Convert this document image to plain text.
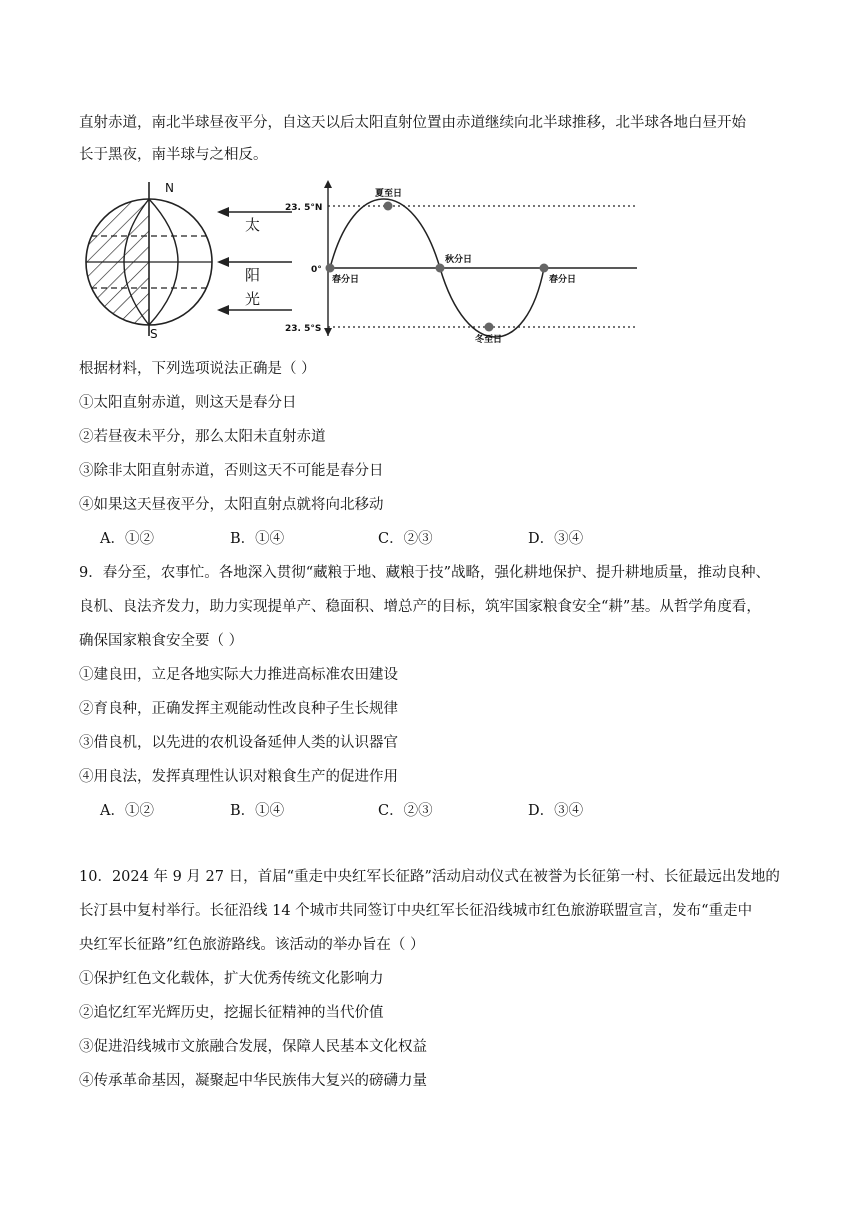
直射赤道，南北半球昼夜平分，自这天以后太阳直射位置由赤道继续向北半球推移，北半球各地白昼开始
长于黑夜，南半球与之相反。
N
S
太
阳
光
23. 5°N
0°
23. 5°S
春分日
夏至日
秋分日
冬至日
春分日
根据材料，下列选项说法正确是（ ）
①太阳直射赤道，则这天是春分日
②若昼夜未平分，那么太阳未直射赤道
③除非太阳直射赤道，否则这天不可能是春分日
④如果这天昼夜平分，太阳直射点就将向北移动
A．①②	B．①④	C．②③	D．③④
9．春分至，农事忙。各地深入贯彻“藏粮于地、藏粮于技”战略，强化耕地保护、提升耕地质量，推动良种、
良机、良法齐发力，助力实现提单产、稳面积、增总产的目标，筑牢国家粮食安全“耕”基。从哲学角度看，
确保国家粮食安全要（ ）
①建良田，立足各地实际大力推进高标准农田建设
②育良种，正确发挥主观能动性改良种子生长规律
③借良机，以先进的农机设备延伸人类的认识器官
④用良法，发挥真理性认识对粮食生产的促进作用
A．①②	B．①④	C．②③	D．③④
10．2024 年 9 月 27 日，首届“重走中央红军长征路”活动启动仪式在被誉为长征第一村、长征最远出发地的
长汀县中复村举行。长征沿线 14 个城市共同签订中央红军长征沿线城市红色旅游联盟宣言，发布“重走中
央红军长征路”红色旅游路线。该活动的举办旨在（ ）
①保护红色文化载体，扩大优秀传统文化影响力
②追忆红军光辉历史，挖掘长征精神的当代价值
③促进沿线城市文旅融合发展，保障人民基本文化权益
④传承革命基因，凝聚起中华民族伟大复兴的磅礴力量
